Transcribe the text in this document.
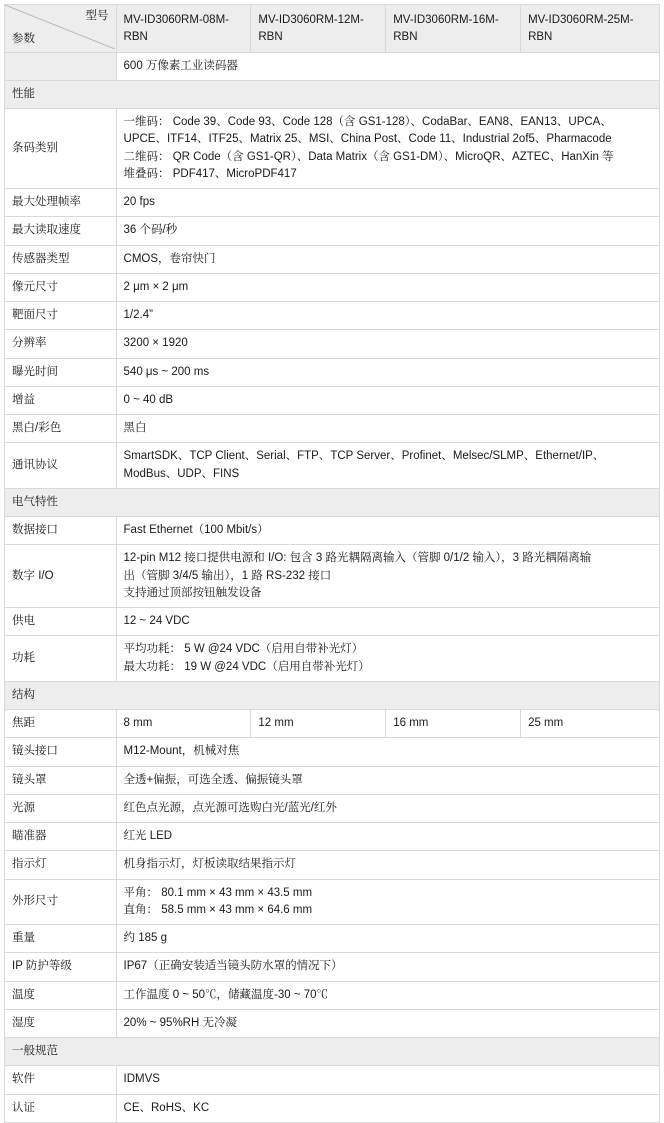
型号
参数	MV-ID3060RM-08M-RBN	MV-ID3060RM-12M-RBN	MV-ID3060RM-16M-RBN	MV-ID3060RM-25M-RBN
	600 万像素工业读码器			
性能				
条码类别	一维码： Code 39、Code 93、Code 128（含 GS1-128）、CodaBar、EAN8、EAN13、UPCA、
UPCE、ITF14、ITF25、Matrix 25、MSI、China Post、Code 11、Industrial 2of5、Pharmacode
二维码： QR Code（含 GS1-QR）、Data Matrix（含 GS1-DM）、MicroQR、AZTEC、HanXin 等
堆叠码： PDF417、MicroPDF417			

最大处理帧率	20 fps			

最大读取速度	36 个码/秒			

传感器类型	CMOS，卷帘快门			

像元尺寸	2 μm × 2 μm			

靶面尺寸	1/2.4”			

分辨率	3200 × 1920			

曝光时间	540 μs ~ 200 ms			

增益	0 ~ 40 dB			

黑白/彩色	黑白			

通讯协议	SmartSDK、TCP Client、Serial、FTP、TCP Server、Profinet、Melsec/SLMP、Ethernet/IP、
ModBus、UDP、FINS			

电气特性				
数据接口	Fast Ethernet（100 Mbit/s）			

数字 I/O	12-pin M12 接口提供电源和 I/O: 包含 3 路光耦隔离输入（管脚 0/1/2 输入），3 路光耦隔离输
出（管脚 3/4/5 输出），1 路 RS-232 接口
支持通过顶部按钮触发设备			

供电	12 ~ 24 VDC			

功耗	平均功耗： 5 W @24 VDC（启用自带补光灯）
最大功耗： 19 W @24 VDC（启用自带补光灯）			

结构				
焦距	8 mm	12 mm	16 mm	25 mm
镜头接口	M12-Mount，机械对焦			

镜头罩	全透+偏振，可选全透、偏振镜头罩			

光源	红色点光源，点光源可选购白光/蓝光/红外			

瞄准器	红光 LED			

指示灯	机身指示灯，灯板读取结果指示灯			

外形尺寸	平角： 80.1 mm × 43 mm × 43.5 mm
直角： 58.5 mm × 43 mm × 64.6 mm			

重量	约 185 g			

IP 防护等级	IP67（正确安装适当镜头防水罩的情况下）			

温度	工作温度 0 ~ 50℃，储藏温度-30 ~ 70℃			

湿度	20% ~ 95%RH 无冷凝			

一般规范				
软件	IDMVS			

认证	CE、RoHS、KC			
